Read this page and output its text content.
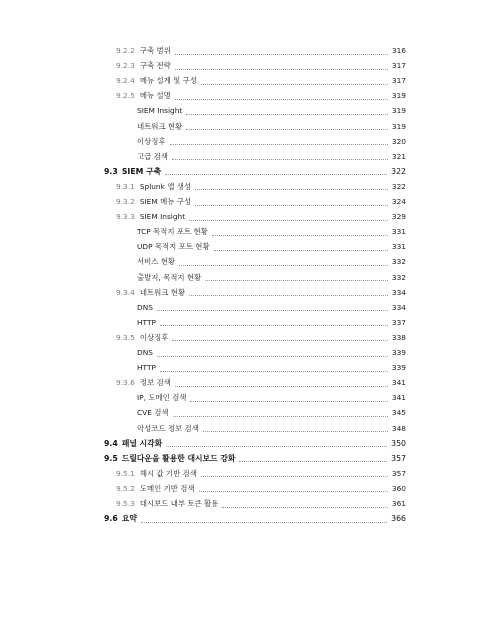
9.2.2 구축 범위	316
9.2.3 구축 전략	317
9.2.4 메뉴 설계 및 구성	317
9.2.5 메뉴 설명	319
SIEM Insight	319
네트워크 현황	319
이상징후	320
고급 검색	321
9.3 SIEM 구축	322
9.3.1 Splunk 앱 생성	322
9.3.2 SIEM 메뉴 구성	324
9.3.3 SIEM Insight	329
TCP 목적지 포트 현황	331
UDP 목적지 포트 현황	331
서비스 현황	332
출발지, 목적지 현황	332
9.3.4 네트워크 현황	334
DNS	334
HTTP	337
9.3.5 이상징후	338
DNS	339
HTTP	339
9.3.6 정보 검색	341
IP, 도메인 검색	341
CVE 검색	345
악성코드 정보 검색	348
9.4 패널 시각화	350
9.5 드릴다운을 활용한 대시보드 강화	357
9.5.1 해시 값 기반 검색	357
9.5.2 도메인 기반 검색	360
9.5.3 대시보드 내부 토큰 활용	361
9.6 요약	366
